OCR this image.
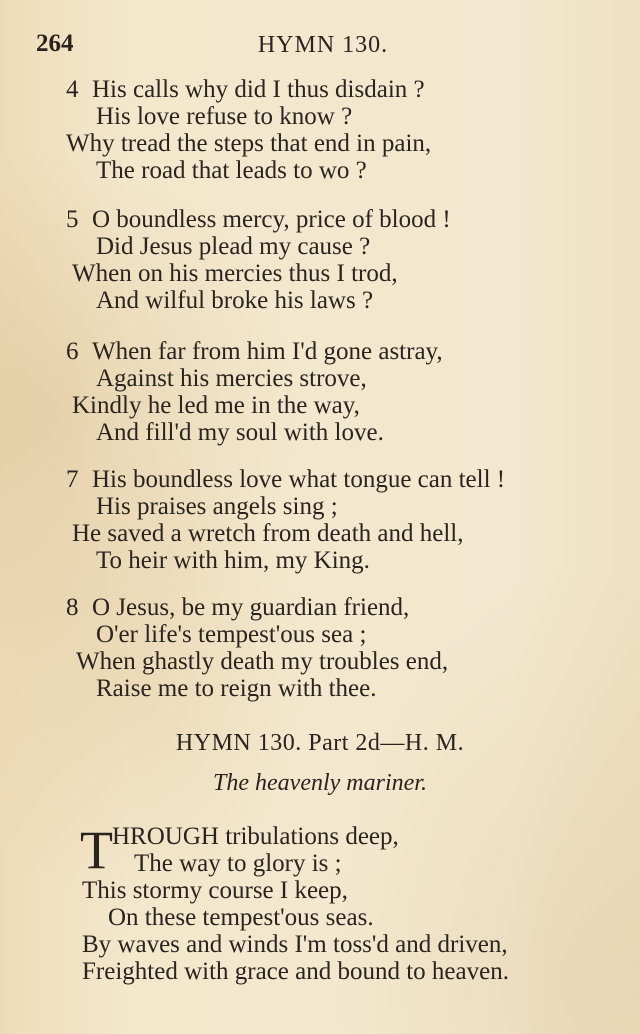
264	HYMN 130.
4 His calls why did I thus disdain ?
His love refuse to know ?
Why tread the steps that end in pain,
The road that leads to wo ?
5 O boundless mercy, price of blood !
Did Jesus plead my cause ?
When on his mercies thus I trod,
And wilful broke his laws ?
6 When far from him I'd gone astray,
Against his mercies strove,
Kindly he led me in the way,
And fill'd my soul with love.
7 His boundless love what tongue can tell !
His praises angels sing ;
He saved a wretch from death and hell,
To heir with him, my King.
8 O Jesus, be my guardian friend,
O'er life's tempest'ous sea ;
When ghastly death my troubles end,
Raise me to reign with thee.
HYMN 130. Part 2d—H. M.
The heavenly mariner.
T HROUGH tribulations deep,
The way to glory is ;
This stormy course I keep,
On these tempest'ous seas.
By waves and winds I'm toss'd and driven,
Freighted with grace and bound to heaven.
